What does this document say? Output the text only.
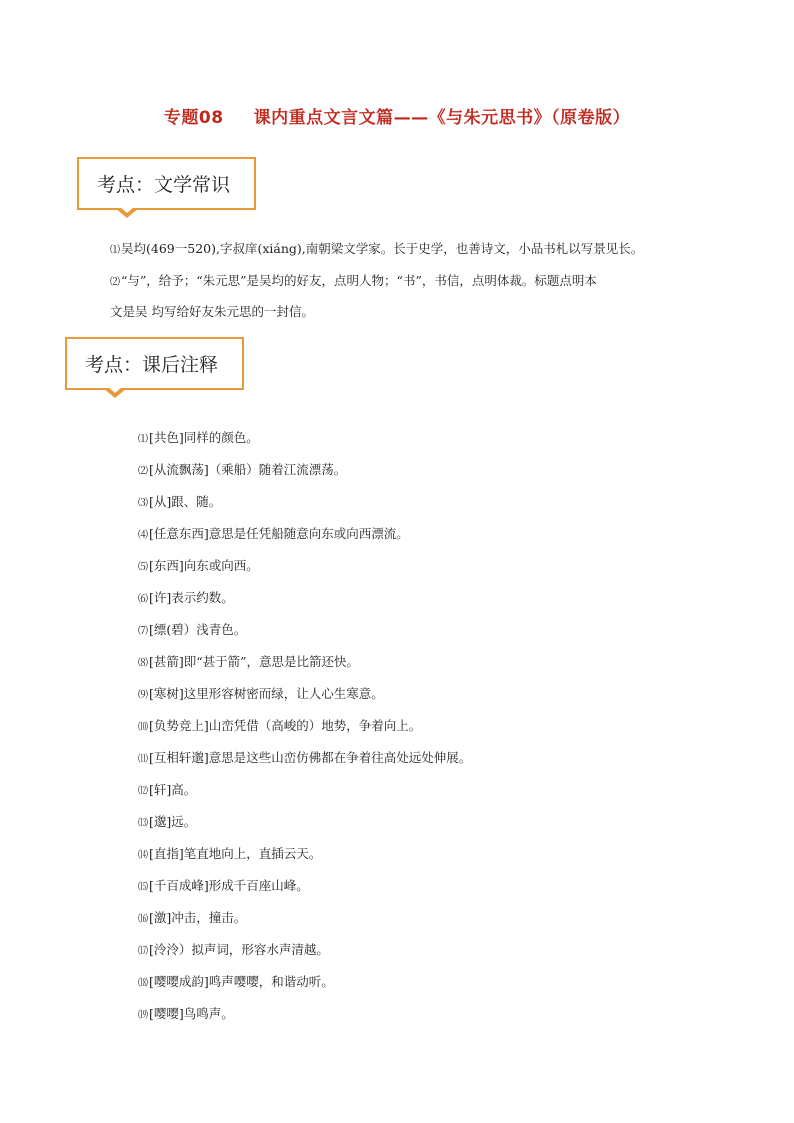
专题08 课内重点文言文篇——《与朱元思书》（原卷版）
考点：文学常识

⑴吴均(469一520),字叔庠(xiáng),南朝梁文学家。长于史学，也善诗文，小品书札以写景见长。

⑵“与”，给予；“朱元思”是吴均的好友，点明人物；“书”，书信，点明体裁。标题点明本

文是吴 均写给好友朱元思的一封信。

考点：课后注释
⑴[共色]同样的颜色。
⑵[从流飘荡]（乘船）随着江流漂荡。
⑶[从]跟、随。
⑷[任意东西]意思是任凭船随意向东或向西漂流。
⑸[东西]向东或向西。
⑹[许]表示约数。
⑺[缥(碧）浅青色。
⑻[甚箭]即“甚于箭”，意思是比箭还快。
⑼[寒树]这里形容树密而绿，让人心生寒意。
⑽[负势竞上]山峦凭借（高峻的）地势，争着向上。
⑾[互相轩邈]意思是这些山峦仿佛都在争着往高处远处伸展。
⑿[轩]高。
⒀[邈]远。
⒁[直指]笔直地向上，直插云天。
⒂[千百成峰]形成千百座山峰。
⒃[激]冲击，撞击。
⒄[泠泠）拟声词，形容水声清越。
⒅[嘤嘤成韵]鸣声嘤嘤，和谐动听。
⒆[嘤嘤]鸟鸣声。
